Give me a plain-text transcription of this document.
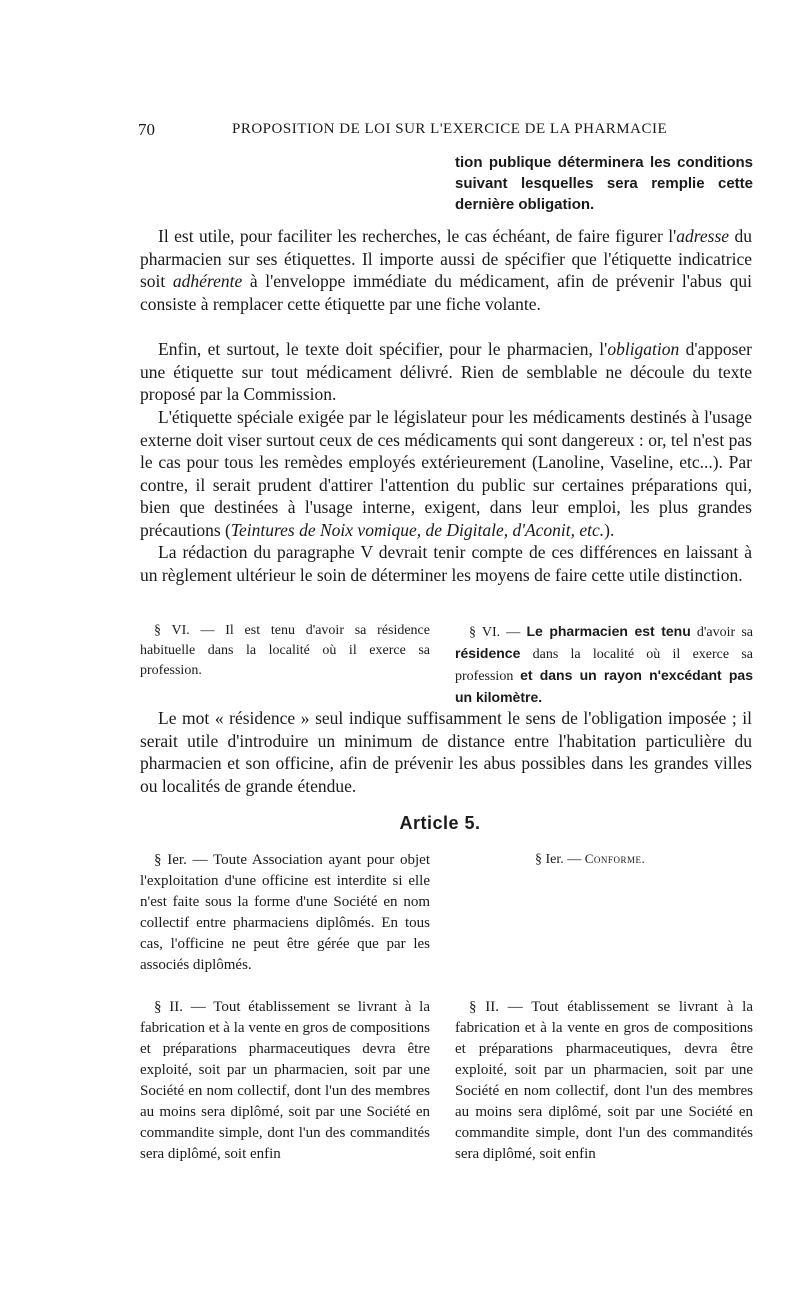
70	PROPOSITION DE LOI SUR L'EXERCICE DE LA PHARMACIE
tion publique déterminera les conditions suivant lesquelles sera remplie cette dernière obligation.
Il est utile, pour faciliter les recherches, le cas échéant, de faire figurer l'adresse du pharmacien sur ses étiquettes. Il importe aussi de spécifier que l'étiquette indicatrice soit adhérente à l'enveloppe immédiate du médicament, afin de prévenir l'abus qui consiste à remplacer cette étiquette par une fiche volante.
Enfin, et surtout, le texte doit spécifier, pour le pharmacien, l'obligation d'apposer une étiquette sur tout médicament délivré. Rien de semblable ne découle du texte proposé par la Commission.
L'étiquette spéciale exigée par le législateur pour les médicaments destinés à l'usage externe doit viser surtout ceux de ces médicaments qui sont dangereux : or, tel n'est pas le cas pour tous les remèdes employés extérieurement (Lanoline, Vaseline, etc...). Par contre, il serait prudent d'attirer l'attention du public sur certaines préparations qui, bien que destinées à l'usage interne, exigent, dans leur emploi, les plus grandes précautions (Teintures de Noix vomique, de Digitale, d'Aconit, etc.).
La rédaction du paragraphe V devrait tenir compte de ces différences en laissant à un règlement ultérieur le soin de déterminer les moyens de faire cette utile distinction.
§ VI. — Il est tenu d'avoir sa résidence habituelle dans la localité où il exerce sa profession.
§ VI. — Le pharmacien est tenu d'avoir sa résidence dans la localité où il exerce sa profession et dans un rayon n'excédant pas un kilomètre.
Le mot « résidence » seul indique suffisamment le sens de l'obligation imposée ; il serait utile d'introduire un minimum de distance entre l'habitation particulière du pharmacien et son officine, afin de prévenir les abus possibles dans les grandes villes ou localités de grande étendue.
Article 5.
§ Ier. — Toute Association ayant pour objet l'exploitation d'une officine est interdite si elle n'est faite sous la forme d'une Société en nom collectif entre pharmaciens diplômés. En tous cas, l'officine ne peut être gérée que par les associés diplômés.
§ Ier. — Conforme.
§ II. — Tout établissement se livrant à la fabrication et à la vente en gros de compositions et préparations pharmaceutiques devra être exploité, soit par un pharmacien, soit par une Société en nom collectif, dont l'un des membres au moins sera diplômé, soit par une Société en commandite simple, dont l'un des commandités sera diplômé, soit enfin
§ II. — Tout établissement se livrant à la fabrication et à la vente en gros de compositions et préparations pharmaceutiques, devra être exploité, soit par un pharmacien, soit par une Société en nom collectif, dont l'un des membres au moins sera diplômé, soit par une Société en commandite simple, dont l'un des commandités sera diplômé, soit enfin
